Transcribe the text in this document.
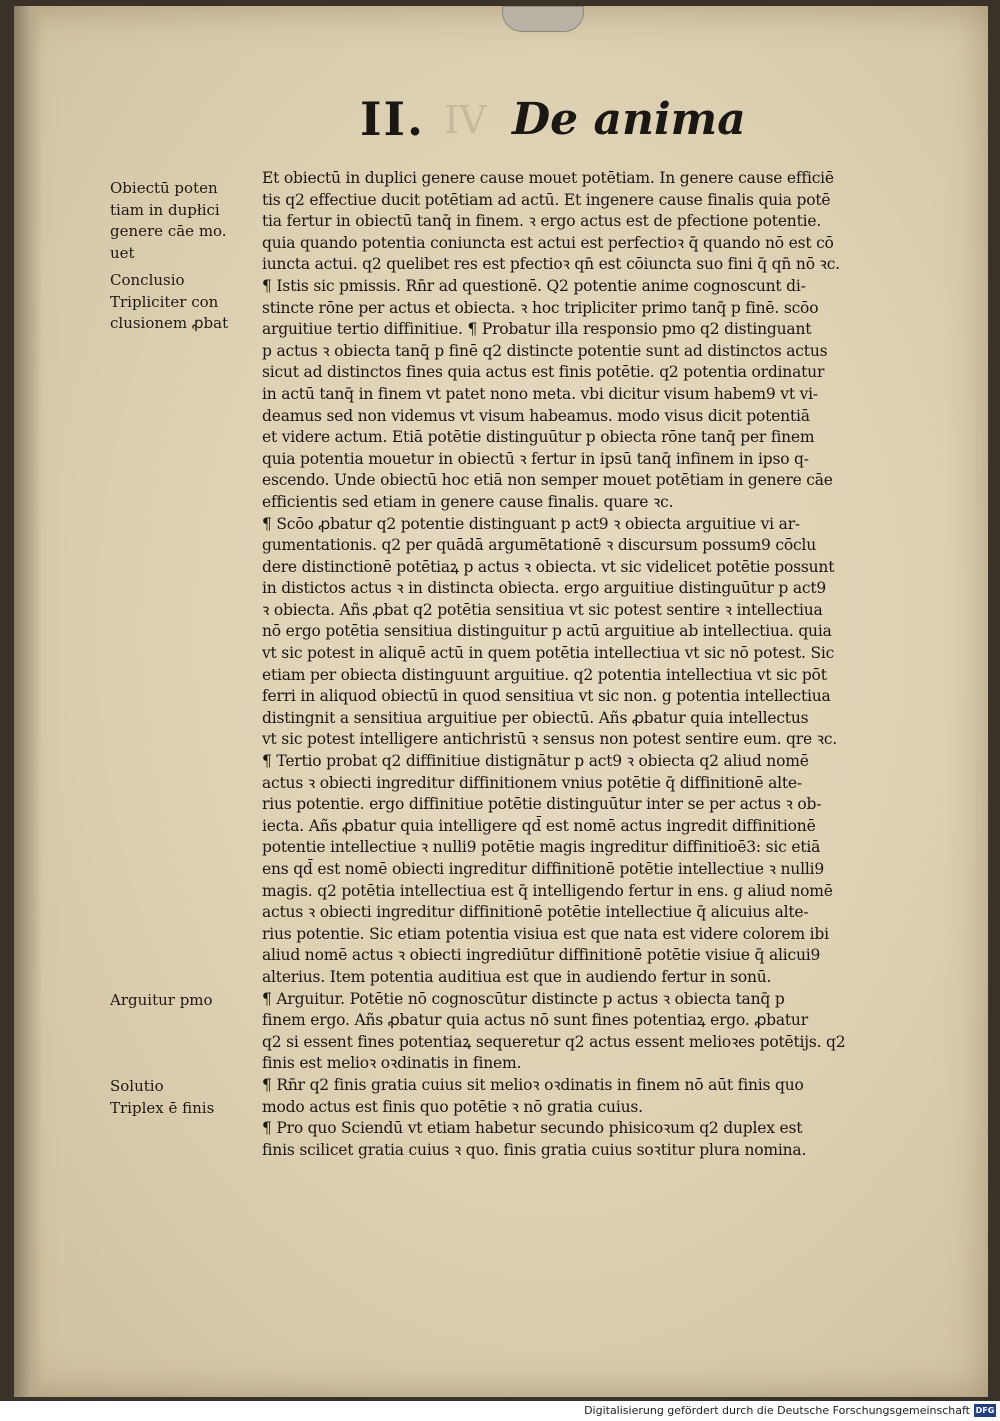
II. IV De anima
Obiectū poten
tiam in dupłici
genere cāe mo.
uet
Conclusio
Tripliciter con
clusionem ꝓbat
Arguitur pmo
Solutio
Triplex ē finis
Et obiectū in duplici genere cause mouet potētiam. In genere cause efficiē
tis q2 effectiue ducit potētiam ad actū. Et ingenere cause finalis quia potē
tia fertur in obiectū tanq̄ in finem. ꝛ ergo actus est de pfectione potentie.
quia quando potentia coniuncta est actui est perfectioꝛ q̄ quando nō est cō
iuncta actui. q2 quelibet res est pfectioꝛ qn̄ est cōiuncta suo fini q̄ qn̄ nō ꝛc.
¶ Istis sic pmissis. Rn̄r ad questionē. Q2 potentie anime cognoscunt di-
stincte rōne per actus et obiecta. ꝛ hoc tripliciter primo tanq̄ p finē. scōo
arguitiue tertio diffinitiue. ¶ Probatur illa responsio pmo q2 distinguant
p actus ꝛ obiecta tanq̄ p finē q2 distincte potentie sunt ad distinctos actus
sicut ad distinctos fines quia actus est finis potētie. q2 potentia ordinatur
in actū tanq̄ in finem vt patet nono meta. vbi dicitur visum habem9 vt vi-
deamus sed non videmus vt visum habeamus. modo visus dicit potentiā
et videre actum. Etiā potētie distinguūtur p obiecta rōne tanq̄ per finem
quia potentia mouetur in obiectū ꝛ fertur in ipsū tanq̄ infinem in ipso q-
escendo. Unde obiectū hoc etiā non semper mouet potētiam in genere cāe
efficientis sed etiam in genere cause finalis. quare ꝛc.
¶ Scōo ꝓbatur q2 potentie distinguant p act9 ꝛ obiecta arguitiue vi ar-
gumentationis. q2 per quādā argumētationē ꝛ discursum possum9 cōclu
dere distinctionē potētiaꝝ p actus ꝛ obiecta. vt sic videlicet potētie possunt
in distictos actus ꝛ in distincta obiecta. ergo arguitiue distinguūtur p act9
ꝛ obiecta. Añs ꝓbat q2 potētia sensitiua vt sic potest sentire ꝛ intellectiua
nō ergo potētia sensitiua distinguitur p actū arguitiue ab intellectiua. quia
vt sic potest in aliquē actū in quem potētia intellectiua vt sic nō potest. Sic
etiam per obiecta distinguunt arguitiue. q2 potentia intellectiua vt sic pōt
ferri in aliquod obiectū in quod sensitiua vt sic non. g potentia intellectiua
distingnit a sensitiua arguitiue per obiectū. Añs ꝓbatur quia intellectus
vt sic potest intelligere antichristū ꝛ sensus non potest sentire eum. qre ꝛc.
¶ Tertio probat q2 diffinitiue distignātur p act9 ꝛ obiecta q2 aliud nomē
actus ꝛ obiecti ingreditur diffinitionem vnius potētie q̄ diffinitionē alte-
rius potentie. ergo diffinitiue potētie distinguūtur inter se per actus ꝛ ob-
iecta. Añs ꝓbatur quia intelligere qd̄ est nomē actus ingredit diffinitionē
potentie intellectiue ꝛ nulli9 potētie magis ingreditur diffinitioē3: sic etiā
ens qd̄ est nomē obiecti ingreditur diffinitionē potētie intellectiue ꝛ nulli9
magis. q2 potētia intellectiua est q̄ intelligendo fertur in ens. g aliud nomē
actus ꝛ obiecti ingreditur diffinitionē potētie intellectiue q̄ alicuius alte-
rius potentie. Sic etiam potentia visiua est que nata est videre colorem ibi
aliud nomē actus ꝛ obiecti ingrediūtur diffinitionē potētie visiue q̄ alicui9
alterius. Item potentia auditiua est que in audiendo fertur in sonū.
¶ Arguitur. Potētie nō cognoscūtur distincte p actus ꝛ obiecta tanq̄ p
finem ergo. Añs ꝓbatur quia actus nō sunt fines potentiaꝝ ergo. ꝓbatur
q2 si essent fines potentiaꝝ sequeretur q2 actus essent melioꝛes potētijs. q2
finis est melioꝛ oꝛdinatis in finem.
¶ Rn̄r q2 finis gratia cuius sit melioꝛ oꝛdinatis in finem nō aūt finis quo
modo actus est finis quo potētie ꝛ nō gratia cuius.
¶ Pro quo Sciendū vt etiam habetur secundo phisicoꝛum q2 duplex est
finis scilicet gratia cuius ꝛ quo. finis gratia cuius soꝛtitur plura nomina.
Digitalisierung gefördert durch die Deutsche Forschungsgemeinschaft DFG
